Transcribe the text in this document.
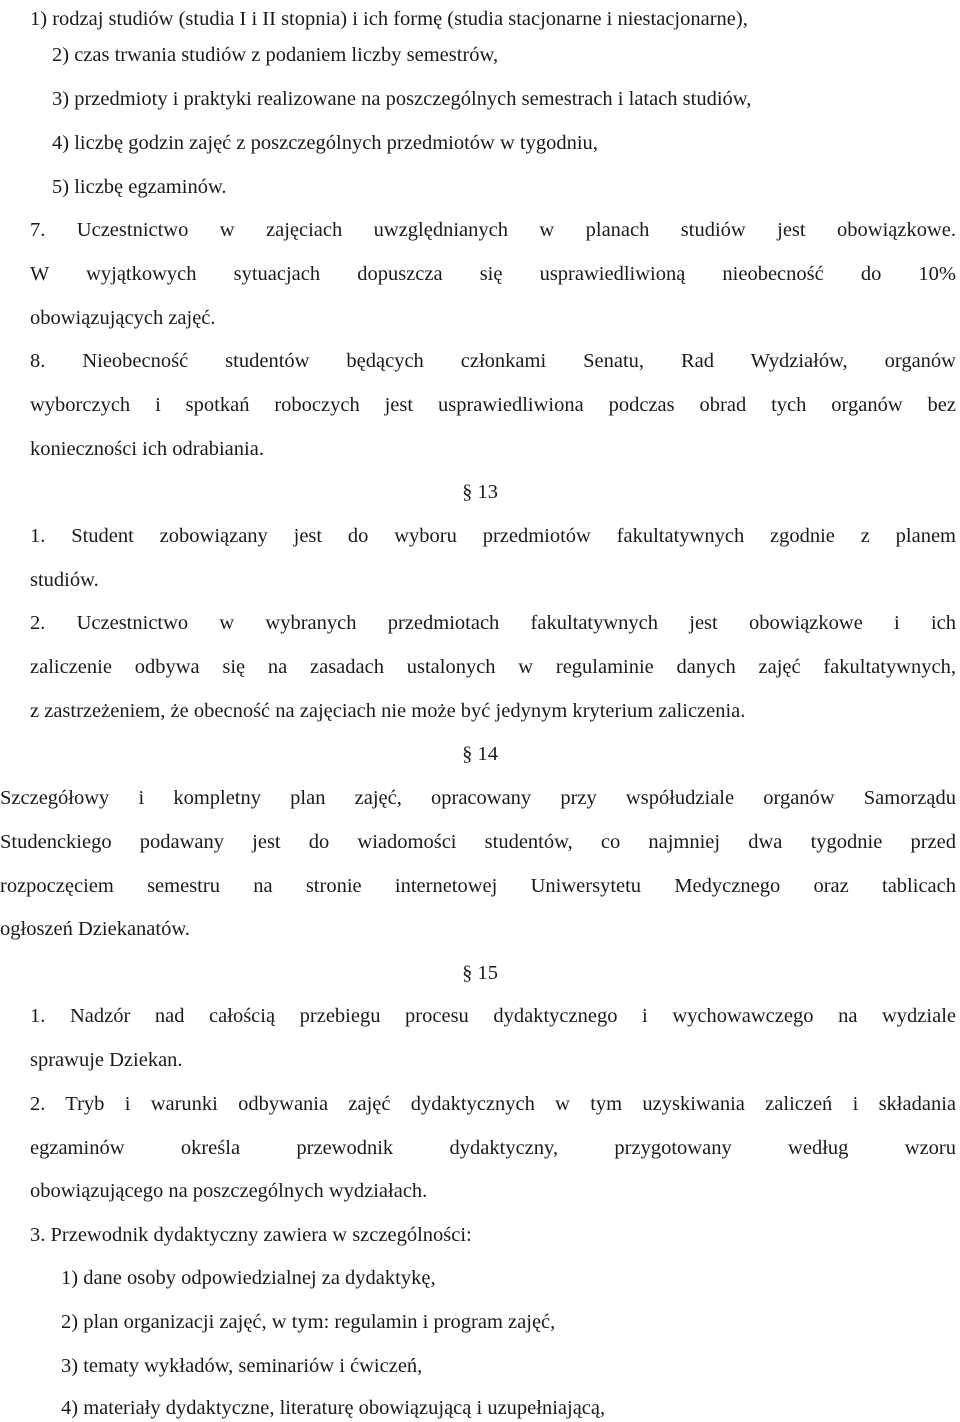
1) rodzaj studiów (studia I i II stopnia) i ich formę (studia stacjonarne i niestacjonarne),
2) czas trwania studiów z podaniem liczby semestrów,
3) przedmioty i praktyki realizowane na poszczególnych semestrach i latach studiów,
4) liczbę godzin zajęć z poszczególnych przedmiotów w tygodniu,
5) liczbę egzaminów.
7. Uczestnictwo w zajęciach uwzględnianych w planach studiów jest obowiązkowe.
W wyjątkowych sytuacjach dopuszcza się usprawiedliwioną nieobecność do 10%
obowiązujących zajęć.
8. Nieobecność studentów będących członkami Senatu, Rad Wydziałów, organów
wyborczych i spotkań roboczych jest usprawiedliwiona podczas obrad tych organów bez
konieczności ich odrabiania.
§ 13
1. Student zobowiązany jest do wyboru przedmiotów fakultatywnych zgodnie z planem
studiów.
2. Uczestnictwo w wybranych przedmiotach fakultatywnych jest obowiązkowe i ich
zaliczenie odbywa się na zasadach ustalonych w regulaminie danych zajęć fakultatywnych,
z zastrzeżeniem, że obecność na zajęciach nie może być jedynym kryterium zaliczenia.
§ 14
Szczegółowy i kompletny plan zajęć, opracowany przy współudziale organów Samorządu
Studenckiego podawany jest do wiadomości studentów, co najmniej dwa tygodnie przed
rozpoczęciem semestru na stronie internetowej Uniwersytetu Medycznego oraz tablicach
ogłoszeń Dziekanatów.
§ 15
1. Nadzór nad całością przebiegu procesu dydaktycznego i wychowawczego na wydziale
sprawuje Dziekan.
2. Tryb i warunki odbywania zajęć dydaktycznych w tym uzyskiwania zaliczeń i składania
egzaminów określa przewodnik dydaktyczny, przygotowany według wzoru
obowiązującego na poszczególnych wydziałach.
3. Przewodnik dydaktyczny zawiera w szczególności:
1) dane osoby odpowiedzialnej za dydaktykę,
2) plan organizacji zajęć, w tym: regulamin i program zajęć,
3) tematy wykładów, seminariów i ćwiczeń,
4) materiały dydaktyczne, literaturę obowiązującą i uzupełniającą,
